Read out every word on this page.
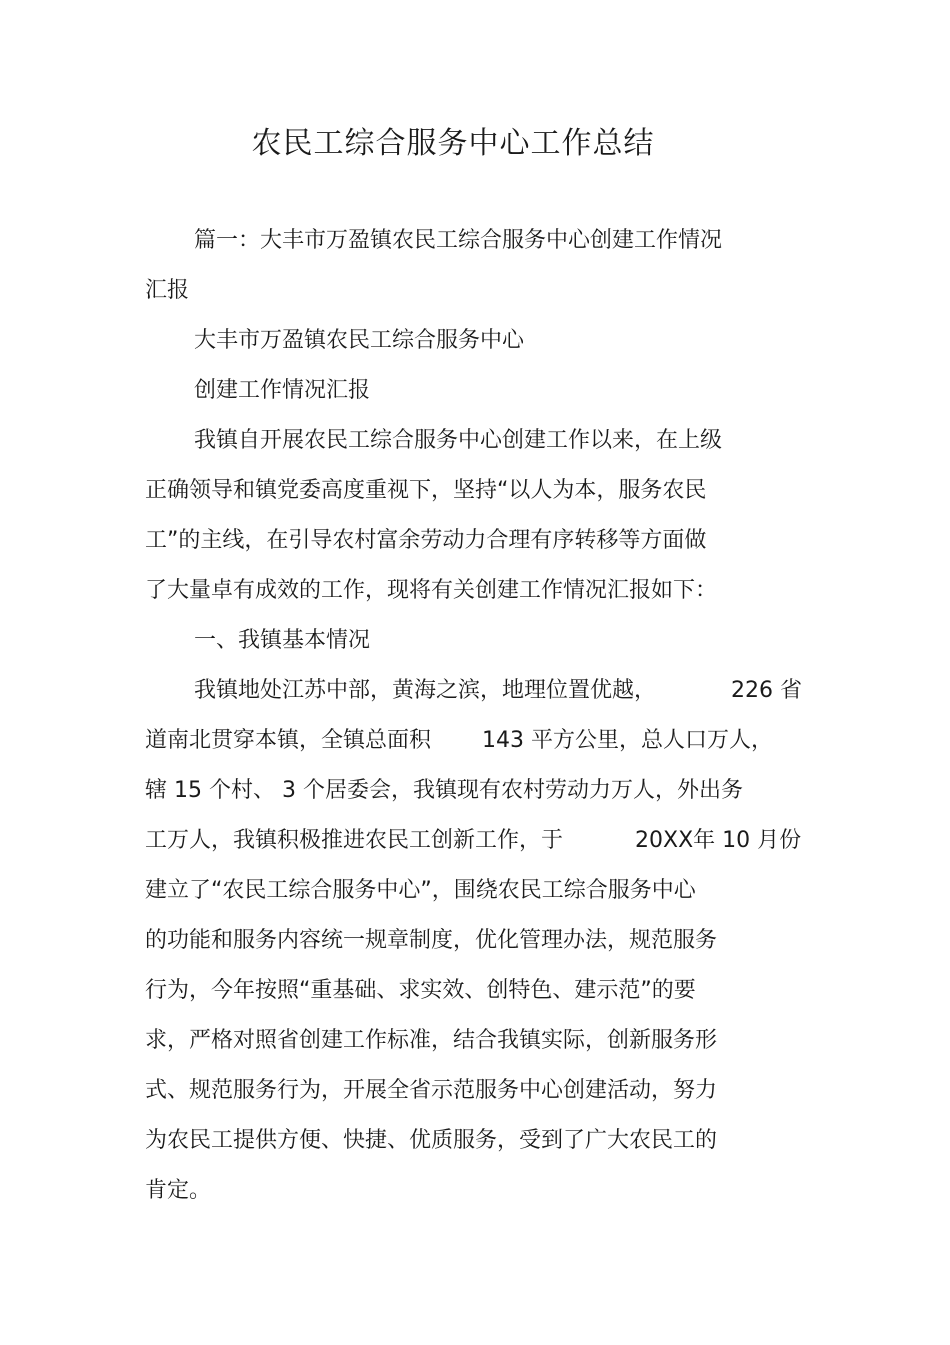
农民工综合服务中心工作总结
篇一：大丰市万盈镇农民工综合服务中心创建工作情况
汇报
大丰市万盈镇农民工综合服务中心
创建工作情况汇报
我镇自开展农民工综合服务中心创建工作以来，在上级
正确领导和镇党委高度重视下，坚持“以人为本，服务农民
工”的主线，在引导农村富余劳动力合理有序转移等方面做
了大量卓有成效的工作，现将有关创建工作情况汇报如下：
一、我镇基本情况
我镇地处江苏中部，黄海之滨，地理位置优越，	226 省
道南北贯穿本镇，全镇总面积 143 平方公里，总人口万人，
辖 15 个村、 3 个居委会，我镇现有农村劳动力万人，外出务
工万人，我镇积极推进农民工创新工作，于	20XX年 10 月份
建立了“农民工综合服务中心”，围绕农民工综合服务中心
的功能和服务内容统一规章制度，优化管理办法，规范服务
行为，今年按照“重基础、求实效、创特色、建示范”的要
求，严格对照省创建工作标准，结合我镇实际，创新服务形
式、规范服务行为，开展全省示范服务中心创建活动，努力
为农民工提供方便、快捷、优质服务，受到了广大农民工的
肯定。
